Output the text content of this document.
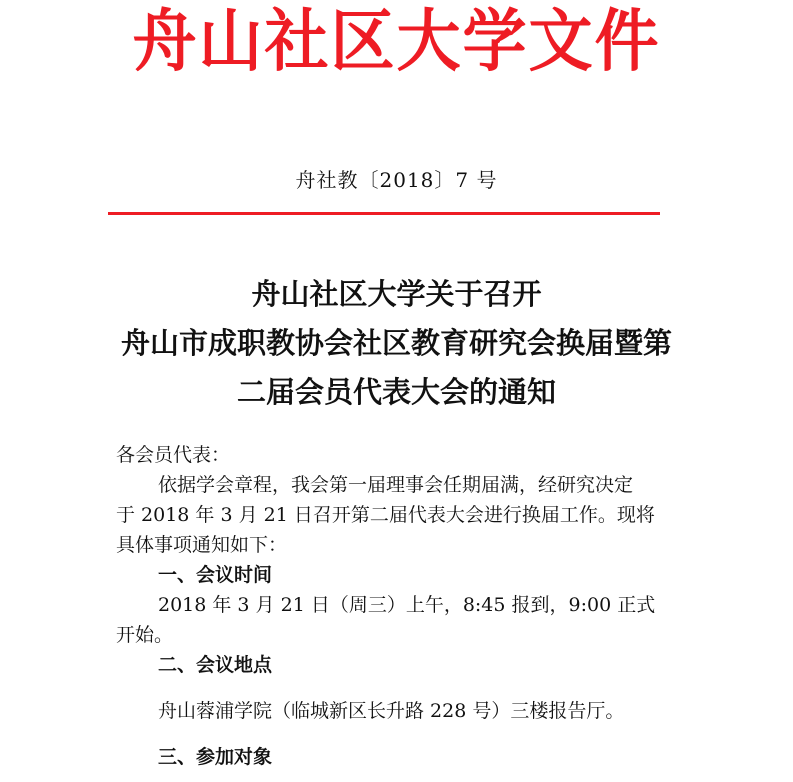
舟山社区大学文件
舟社教〔2018〕7 号
舟山社区大学关于召开
舟山市成职教协会社区教育研究会换届暨第
二届会员代表大会的通知
各会员代表：
依据学会章程，我会第一届理事会任期届满，经研究决定
于 2018 年 3 月 21 日召开第二届代表大会进行换届工作。现将
具体事项通知如下：
一、会议时间
2018 年 3 月 21 日（周三）上午，8:45 报到，9:00 正式
开始。
二、会议地点
舟山蓉浦学院（临城新区长升路 228 号）三楼报告厅。
三、参加对象
